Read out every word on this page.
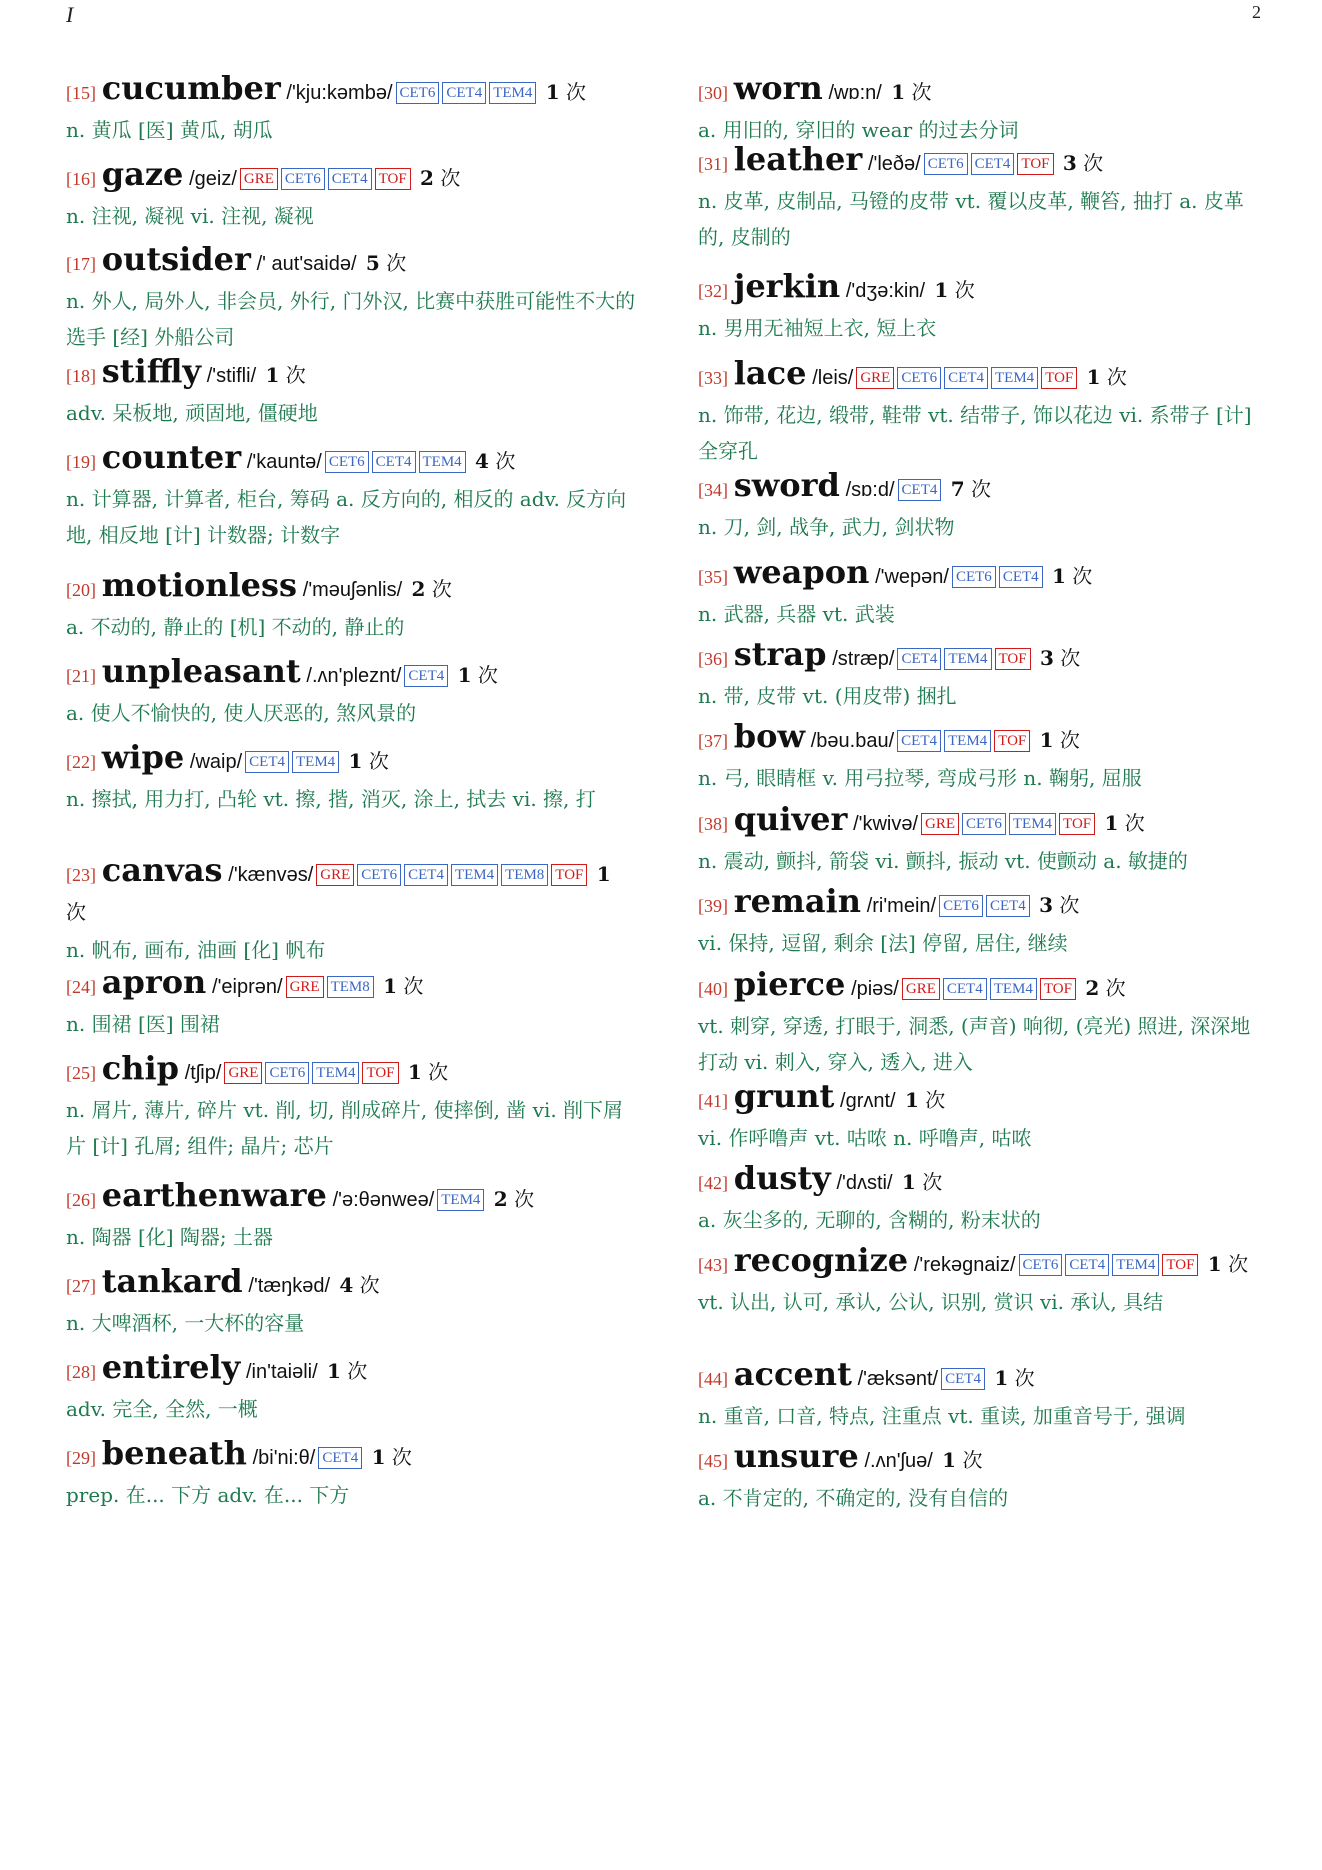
I	2
[15] cucumber /'kju:kəmbə/ CET6 CET4 TEM4 1 次
n. 黄瓜 [医] 黄瓜, 胡瓜
[16] gaze /geiz/ GRE CET6 CET4 TOF 2 次
n. 注视, 凝视 vi. 注视, 凝视
[17] outsider /' aut'saidə/ 5 次
n. 外人, 局外人, 非会员, 外行, 门外汉, 比赛中获胜可能性不大的选手 [经] 外船公司
[18] stiffly /'stifli/ 1 次
adv. 呆板地, 顽固地, 僵硬地
[19] counter /'kauntə/ CET6 CET4 TEM4 4 次
n. 计算器, 计算者, 柜台, 筹码 a. 反方向的, 相反的 adv. 反方向地, 相反地 [计] 计数器; 计数字
[20] motionless /'məuʃənlis/ 2 次
a. 不动的, 静止的 [机] 不动的, 静止的
[21] unpleasant /.ʌn'pleznt/ CET4 1 次
a. 使人不愉快的, 使人厌恶的, 煞风景的
[22] wipe /waip/ CET4 TEM4 1 次
n. 擦拭, 用力打, 凸轮 vt. 擦, 揩, 消灭, 涂上, 拭去 vi. 擦, 打
[23] canvas /'kænvəs/ GRE CET6 CET4 TEM4 TEM8 TOF 1 次
n. 帆布, 画布, 油画 [化] 帆布
[24] apron /'eiprən/ GRE TEM8 1 次
n. 围裙 [医] 围裙
[25] chip /tʃip/ GRE CET6 TEM4 TOF 1 次
n. 屑片, 薄片, 碎片 vt. 削, 切, 削成碎片, 使摔倒, 凿 vi. 削下屑片 [计] 孔屑; 组件; 晶片; 芯片
[26] earthenware /'ə:θənweə/ TEM4 2 次
n. 陶器 [化] 陶器; 土器
[27] tankard /'tæŋkəd/ 4 次
n. 大啤酒杯, 一大杯的容量
[28] entirely /in'taiəli/ 1 次
adv. 完全, 全然, 一概
[29] beneath /bi'ni:θ/ CET4 1 次
prep. 在... 下方 adv. 在... 下方
[30] worn /wɒ:n/ 1 次
a. 用旧的, 穿旧的 wear 的过去分词
[31] leather /'leðə/ CET6 CET4 TOF 3 次
n. 皮革, 皮制品, 马镫的皮带 vt. 覆以皮革, 鞭笞, 抽打 a. 皮革的, 皮制的
[32] jerkin /'dʒə:kin/ 1 次
n. 男用无袖短上衣, 短上衣
[33] lace /leis/ GRE CET6 CET4 TEM4 TOF 1 次
n. 饰带, 花边, 缎带, 鞋带 vt. 结带子, 饰以花边 vi. 系带子 [计] 全穿孔
[34] sword /sɒ:d/ CET4 7 次
n. 刀, 剑, 战争, 武力, 剑状物
[35] weapon /'wepən/ CET6 CET4 1 次
n. 武器, 兵器 vt. 武装
[36] strap /stræp/ CET4 TEM4 TOF 3 次
n. 带, 皮带 vt. (用皮带) 捆扎
[37] bow /bəu.bau/ CET4 TEM4 TOF 1 次
n. 弓, 眼睛框 v. 用弓拉琴, 弯成弓形 n. 鞠躬, 屈服
[38] quiver /'kwivə/ GRE CET6 TEM4 TOF 1 次
n. 震动, 颤抖, 箭袋 vi. 颤抖, 振动 vt. 使颤动 a. 敏捷的
[39] remain /ri'mein/ CET6 CET4 3 次
vi. 保持, 逗留, 剩余 [法] 停留, 居住, 继续
[40] pierce /piəs/ GRE CET4 TEM4 TOF 2 次
vt. 刺穿, 穿透, 打眼于, 洞悉, (声音) 响彻, (亮光) 照进, 深深地打动 vi. 刺入, 穿入, 透入, 进入
[41] grunt /grʌnt/ 1 次
vi. 作呼噜声 vt. 咕哝 n. 呼噜声, 咕哝
[42] dusty /'dʌsti/ 1 次
a. 灰尘多的, 无聊的, 含糊的, 粉末状的
[43] recognize /'rekəgnaiz/ CET6 CET4 TEM4 TOF 1 次
vt. 认出, 认可, 承认, 公认, 识别, 赏识 vi. 承认, 具结
[44] accent /'æksənt/ CET4 1 次
n. 重音, 口音, 特点, 注重点 vt. 重读, 加重音号于, 强调
[45] unsure /.ʌn'ʃuə/ 1 次
a. 不肯定的, 不确定的, 没有自信的
